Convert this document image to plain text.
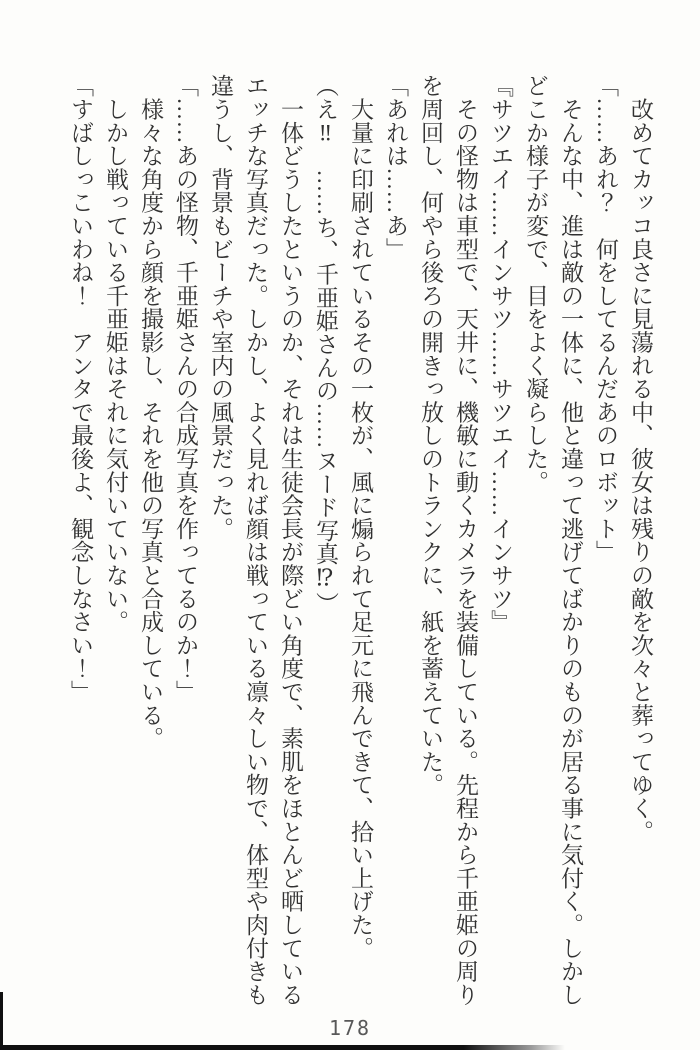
　改めてカッコ良さに見蕩れる中、彼女は残りの敵を次々と葬ってゆく。

「……あれ？　何をしてるんだあのロボット」

　そんな中、進は敵の一体に、他と違って逃げてばかりのものが居る事に気付く。しかし

どこか様子が変で、目をよく凝らした。

『サツエイ……インサツ……サツエイ……インサツ』

　その怪物は車型で、天井に、機敏に動くカメラを装備している。先程から千亜姫の周り

を周回し、何やら後ろの開きっ放しのトランクに、紙を蓄えていた。

「あれは……あ」

　大量に印刷されているその一枚が、風に煽られて足元に飛んできて、拾い上げた。

（え‼　……ち、千亜姫さんの……ヌード写真⁉）

　一体どうしたというのか、それは生徒会長が際どい角度で、素肌をほとんど晒している

エッチな写真だった。しかし、よく見れば顔は戦っている凛々しい物で、体型や肉付きも

違うし、背景もビーチや室内の風景だった。

「……あの怪物、千亜姫さんの合成写真を作ってるのか！」

　様々な角度から顔を撮影し、それを他の写真と合成している。

　しかし戦っている千亜姫はそれに気付いていない。

「すばしっこいわね！　アンタで最後よ、観念しなさい！」

178
